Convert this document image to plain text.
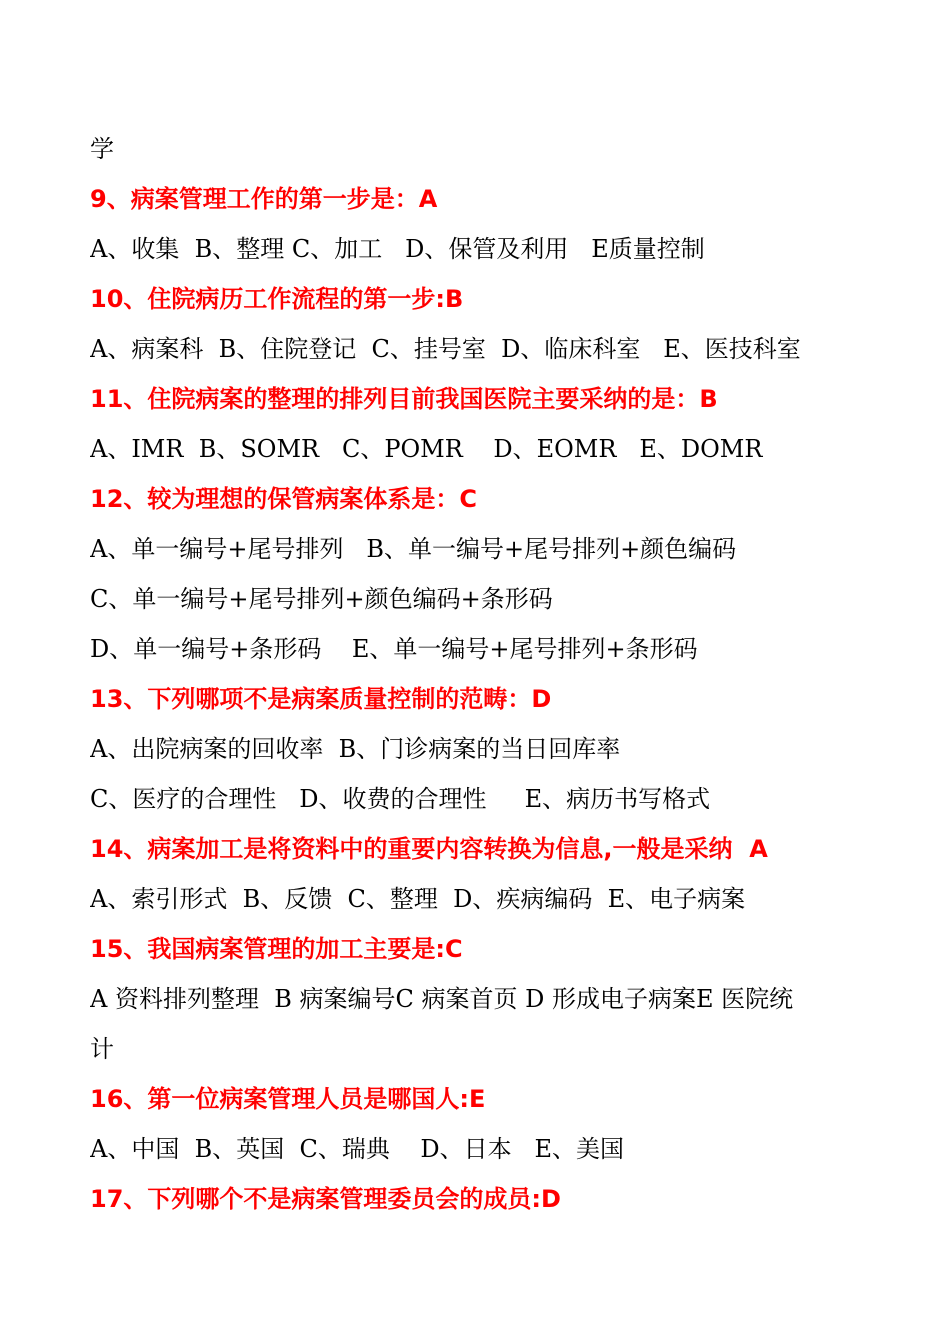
学
9、病案管理工作的第一步是：A
A、收集  B、整理 C、加工   D、保管及利用   E质量控制
10、住院病历工作流程的第一步:B
A、病案科  B、住院登记  C、挂号室  D、临床科室   E、医技科室
11、住院病案的整理的排列目前我国医院主要采纳的是：B
A、IMR  B、SOMR   C、POMR    D、EOMR   E、DOMR
12、较为理想的保管病案体系是：C
A、单一编号+尾号排列   B、单一编号+尾号排列+颜色编码
C、单一编号+尾号排列+颜色编码+条形码
D、单一编号+条形码    E、单一编号+尾号排列+条形码
13、下列哪项不是病案质量控制的范畴：D
A、出院病案的回收率  B、门诊病案的当日回库率
C、医疗的合理性   D、收费的合理性     E、病历书写格式
14、病案加工是将资料中的重要内容转换为信息,一般是采纳  A
A、索引形式  B、反馈  C、整理  D、疾病编码  E、电子病案
15、我国病案管理的加工主要是:C
A 资料排列整理  B 病案编号C 病案首页 D 形成电子病案E 医院统
计
16、第一位病案管理人员是哪国人:E
A、中国  B、英国  C、瑞典    D、日本   E、美国
17、下列哪个不是病案管理委员会的成员:D
